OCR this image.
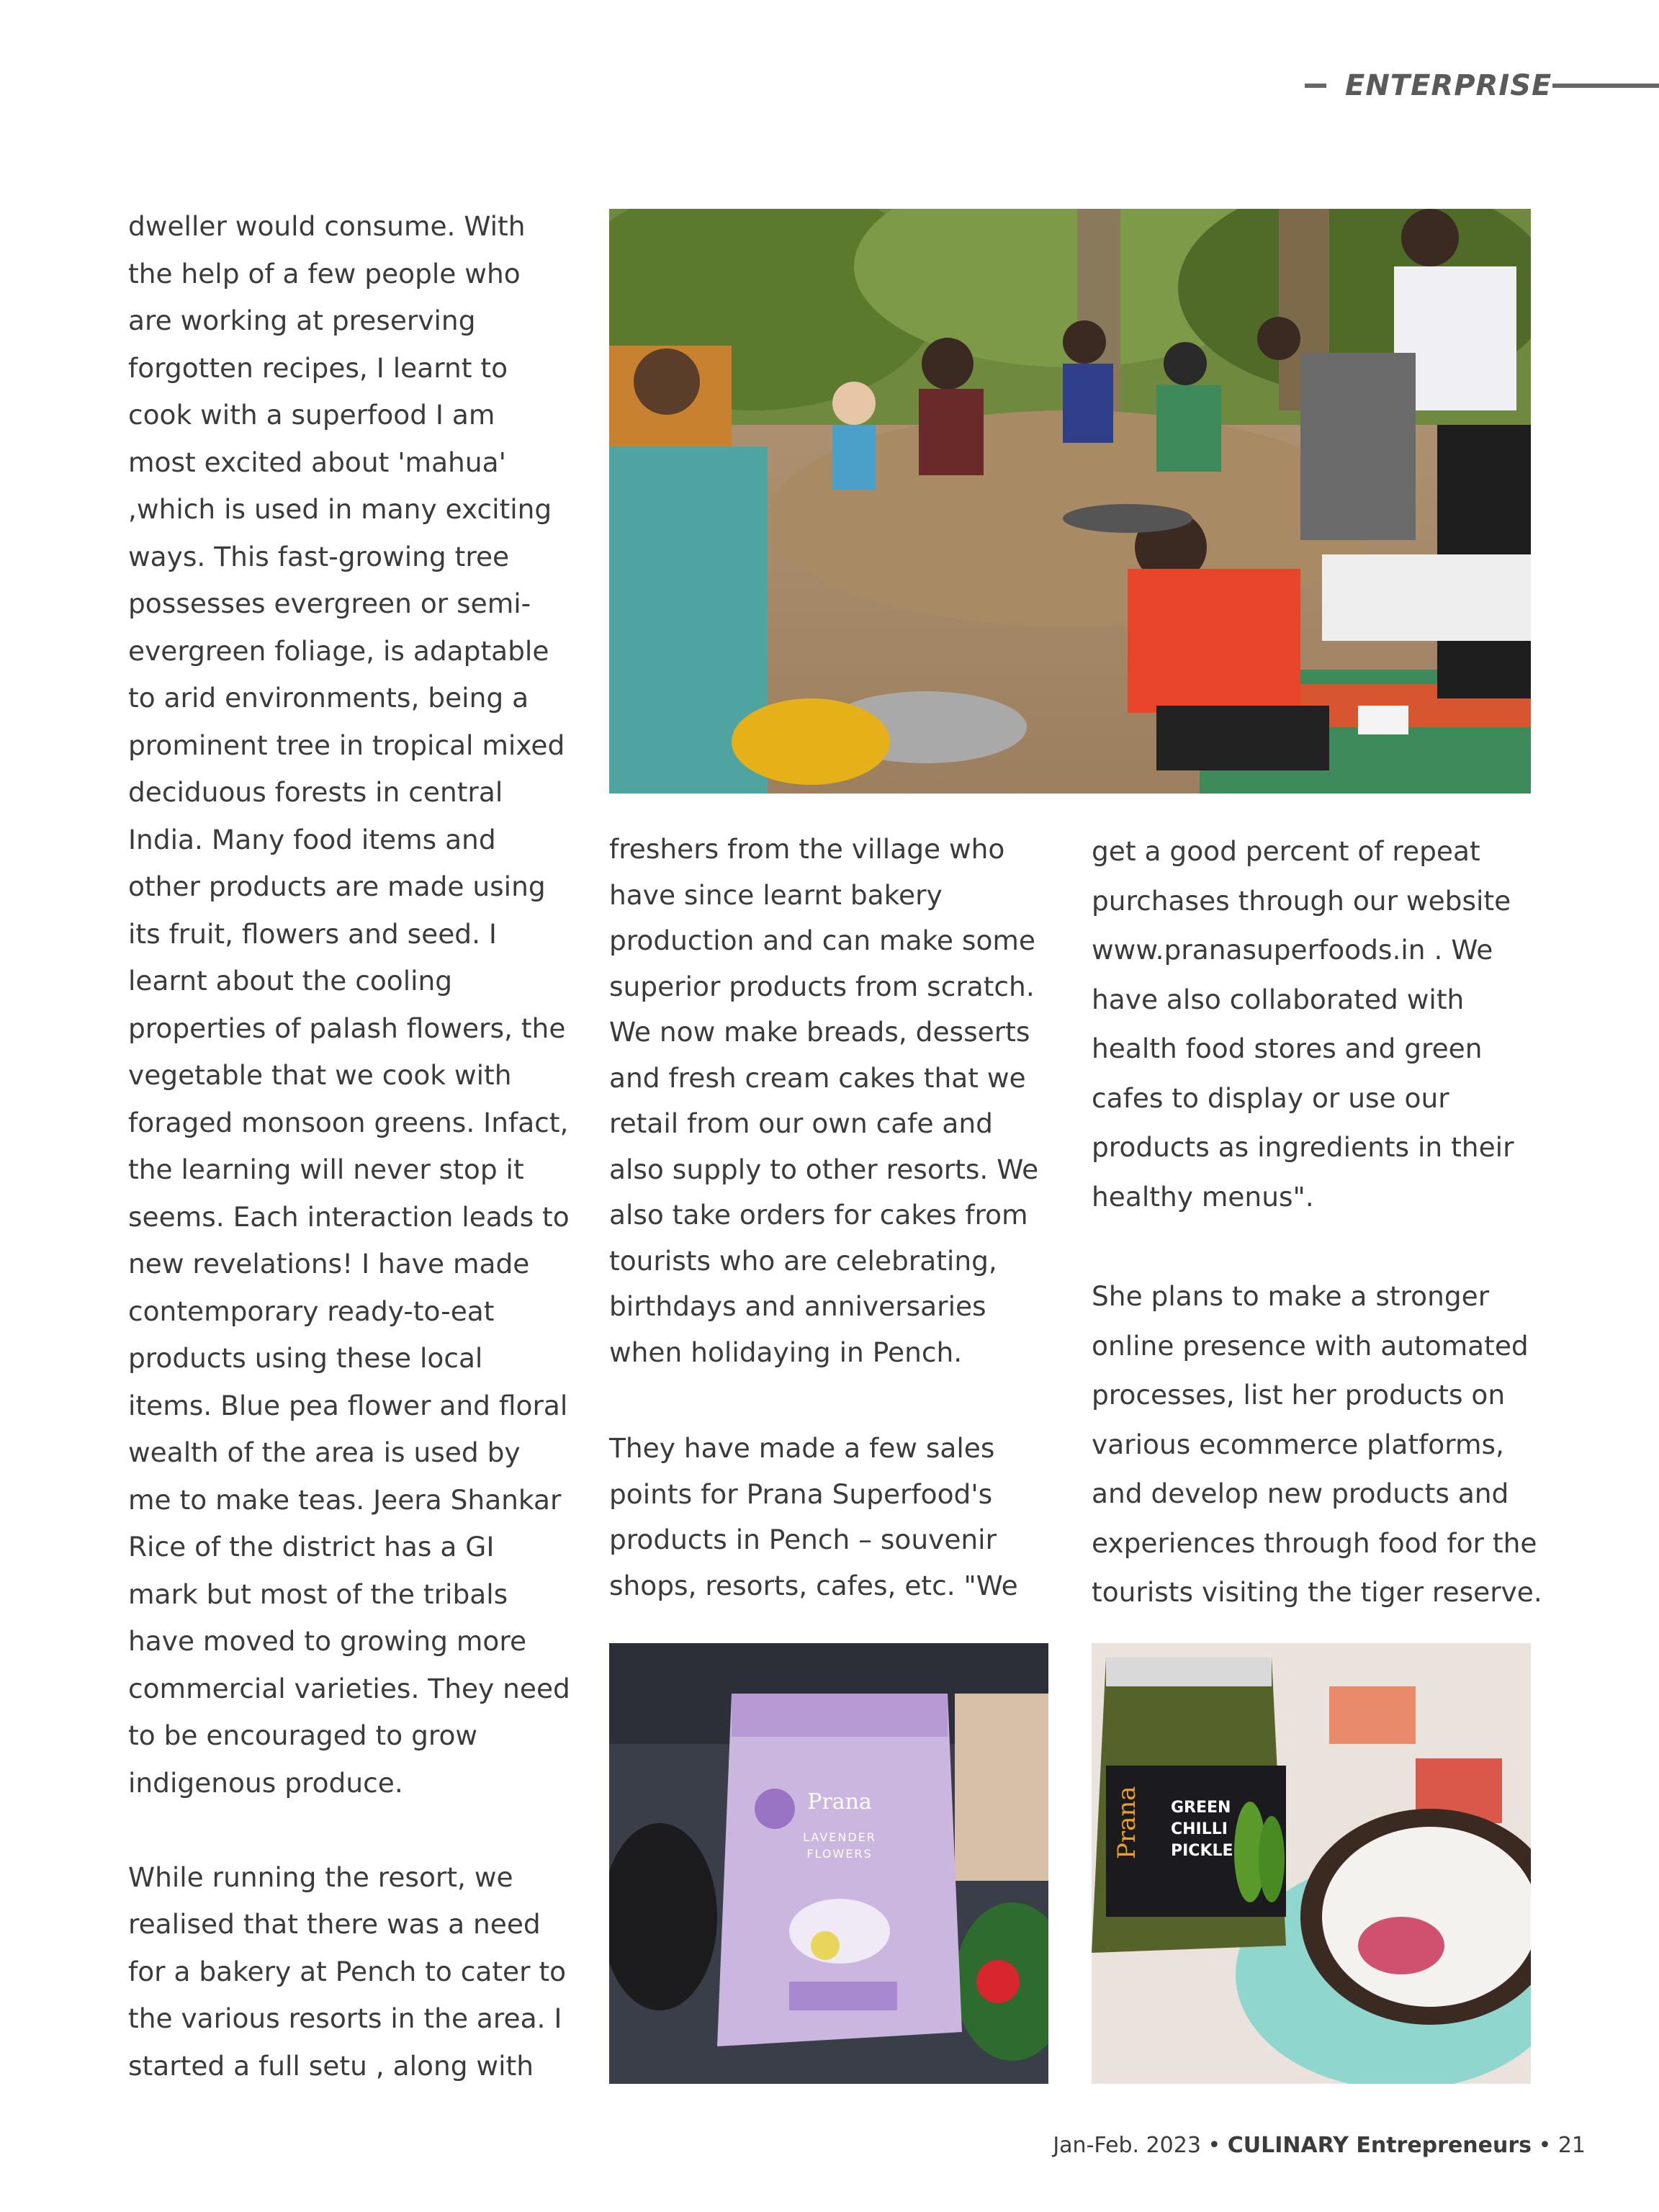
ENTERPRISE
dweller would consume. With
the help of a few people who
are working at preserving
forgotten recipes, I learnt to
cook with a superfood I am
most excited about 'mahua'
,which is used in many exciting
ways. This fast-growing tree
possesses evergreen or semi-
evergreen foliage, is adaptable
to arid environments, being a
prominent tree in tropical mixed
deciduous forests in central
India. Many food items and
other products are made using
its fruit, flowers and seed. I
learnt about the cooling
properties of palash flowers, the
vegetable that we cook with
foraged monsoon greens. Infact,
the learning will never stop it
seems. Each interaction leads to
new revelations! I have made
contemporary ready-to-eat
products using these local
items. Blue pea flower and floral
wealth of the area is used by
me to make teas. Jeera Shankar
Rice of the district has a GI
mark but most of the tribals
have moved to growing more
commercial varieties. They need
to be encouraged to grow
indigenous produce.
While running the resort, we
realised that there was a need
for a bakery at Pench to cater to
the various resorts in the area. I
started a full setu , along with
freshers from the village who
have since learnt bakery
production and can make some
superior products from scratch.
We now make breads, desserts
and fresh cream cakes that we
retail from our own cafe and
also supply to other resorts. We
also take orders for cakes from
tourists who are celebrating,
birthdays and anniversaries
when holidaying in Pench.
They have made a few sales
points for Prana Superfood's
products in Pench – souvenir
shops, resorts, cafes, etc. "We
get a good percent of repeat
purchases through our website
www.pranasuperfoods.in . We
have also collaborated with
health food stores and green
cafes to display or use our
products as ingredients in their
healthy menus".
She plans to make a stronger
online presence with automated
processes, list her products on
various ecommerce platforms,
and develop new products and
experiences through food for the
tourists visiting the tiger reserve.
Prana
LAVENDER
FLOWERS
GREEN
CHILLI
PICKLE
Prana
Jan-Feb. 2023 • CULINARY Entrepreneurs • 21
